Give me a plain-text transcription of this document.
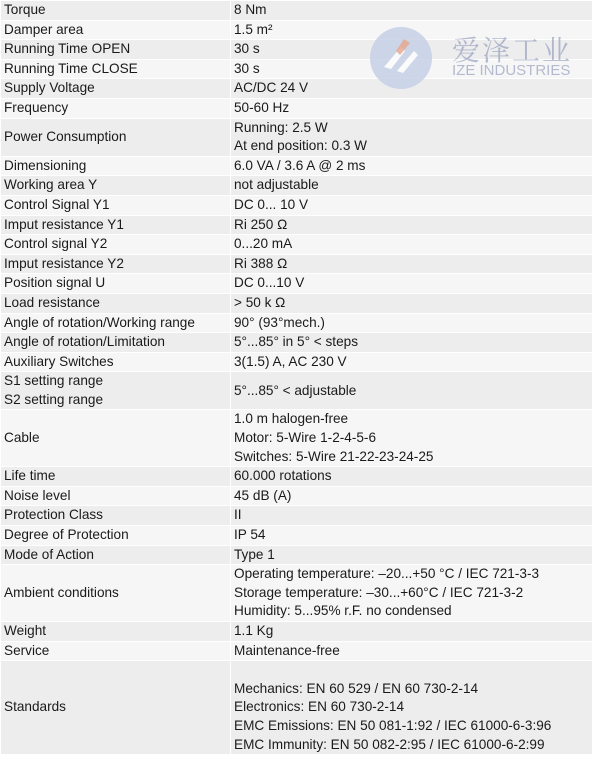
Torque	8 Nm

Damper area	1.5 m²

Running Time OPEN	30 s

Running Time CLOSE	30 s

Supply Voltage	AC/DC 24 V

Frequency	50-60 Hz

Power Consumption	Running: 2.5 W
At end position: 0.3 W

Dimensioning	6.0 VA / 3.6 A @ 2 ms

Working area Y	not adjustable

Control Signal Y1	DC 0... 10 V

Imput resistance Y1	Ri 250 Ω

Control signal Y2	0...20 mA

Imput resistance Y2	Ri 388 Ω

Position signal U	DC 0...10 V

Load resistance	> 50 k Ω

Angle of rotation/Working range	90° (93°mech.)

Angle of rotation/Limitation	5°...85° in 5° < steps

Auxiliary Switches	3(1.5) A, AC 230 V

S1 setting range
S2 setting range	5°...85° < adjustable

Cable	1.0 m halogen-free
Motor: 5-Wire 1-2-4-5-6
Switches: 5-Wire 21-22-23-24-25

Life time	60.000 rotations

Noise level	45 dB (A)

Protection Class	II

Degree of Protection	IP 54

Mode of Action	Type 1

Ambient conditions	Operating temperature: –20...+50 °C / IEC 721-3-3
Storage temperature: –30...+60°C / IEC 721-3-2
Humidity: 5...95% r.F. no condensed

Weight	1.1 Kg

Service	Maintenance-free

Standards	Mechanics: EN 60 529 / EN 60 730-2-14
Electronics: EN 60 730-2-14
EMC Emissions: EN 50 081-1:92 / IEC 61000-6-3:96
EMC Immunity: EN 50 082-2:95 / IEC 61000-6-2:99
爱泽工业
IZE INDUSTRIES
